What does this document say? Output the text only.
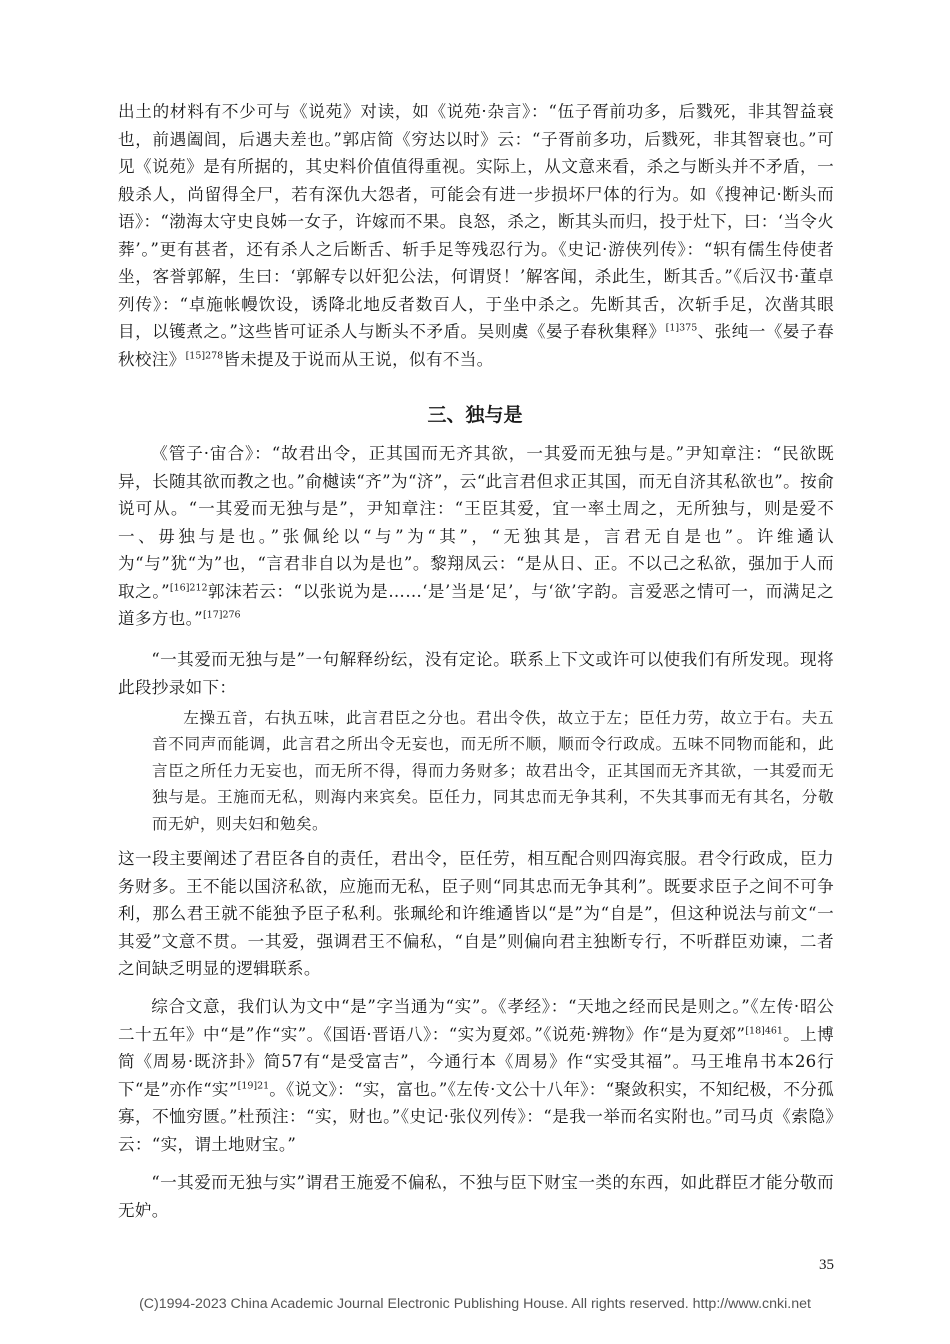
出土的材料有不少可与《说苑》对读，如《说苑·杂言》：“伍子胥前功多，后戮死，非其智益衰也，前遇阖闾，后遇夫差也。”郭店简《穷达以时》云：“子胥前多功，后戮死，非其智衰也。”可见《说苑》是有所据的，其史料价值值得重视。实际上，从文意来看，杀之与断头并不矛盾，一般杀人，尚留得全尸，若有深仇大怨者，可能会有进一步损坏尸体的行为。如《搜神记·断头而语》：“渤海太守史良姊一女子，许嫁而不果。良怒，杀之，断其头而归，投于灶下，曰：‘当令火葬’。”更有甚者，还有杀人之后断舌、斩手足等残忍行为。《史记·游侠列传》：“轵有儒生侍使者坐，客誉郭解，生曰：‘郭解专以奸犯公法，何谓贤！’解客闻，杀此生，断其舌。”《后汉书·董卓列传》：“卓施帐幔饮设，诱降北地反者数百人，于坐中杀之。先断其舌，次斩手足，次凿其眼目，以镬煮之。”这些皆可证杀人与断头不矛盾。吴则虞《晏子春秋集释》$^{[1]375}$、张纯一《晏子春秋校注》$^{[15]278}$皆未提及于说而从王说，似有不当。

三、独与是

《管子·宙合》：“故君出令，正其国而无齐其欲，一其爱而无独与是。”尹知章注：“民欲既异，长随其欲而教之也。”俞樾读“齐”为“济”，云“此言君但求正其国，而无自济其私欲也”。按俞说可从。“一其爱而无独与是”，尹知章注：“王臣其爱，宜一率土周之，无所独与，则是爱不一、毋独与是也。”张佩纶以“与”为“其”，“无独其是，言君无自是也”。许维遹认为“与”犹“为”也，“言君非自以为是也”。黎翔凤云：“是从日、正。不以己之私欲，强加于人而取之。”$^{[16]212}$郭沫若云：“以张说为是……‘是’当是‘足’，与‘欲’字韵。言爱恶之情可一，而满足之道多方也。”$^{[17]276}$

“一其爱而无独与是”一句解释纷纭，没有定论。联系上下文或许可以使我们有所发现。现将此段抄录如下：

左操五音，右执五味，此言君臣之分也。君出令佚，故立于左；臣任力劳，故立于右。夫五音不同声而能调，此言君之所出令无妄也，而无所不顺，顺而令行政成。五味不同物而能和，此言臣之所任力无妄也，而无所不得，得而力务财多；故君出令，正其国而无齐其欲，一其爱而无独与是。王施而无私，则海内来宾矣。臣任力，同其忠而无争其利，不失其事而无有其名，分敬而无妒，则夫妇和勉矣。

这一段主要阐述了君臣各自的责任，君出令，臣任劳，相互配合则四海宾服。君令行政成，臣力务财多。王不能以国济私欲，应施而无私，臣子则“同其忠而无争其利”。既要求臣子之间不可争利，那么君王就不能独予臣子私利。张珮纶和许维遹皆以“是”为“自是”，但这种说法与前文“一其爱”文意不贯。一其爱，强调君王不偏私，“自是”则偏向君主独断专行，不听群臣劝谏，二者之间缺乏明显的逻辑联系。

综合文意，我们认为文中“是”字当通为“实”。《孝经》：“天地之经而民是则之。”《左传·昭公二十五年》中“是”作“实”。《国语·晋语八》：“实为夏郊。”《说苑·辨物》作“是为夏郊”$^{[18]461}$。上博简《周易·既济卦》简57有“是受富吉”，今通行本《周易》作“实受其福”。马王堆帛书本26行下“是”亦作“实”$^{[19]21}$。《说文》：“实，富也。”《左传·文公十八年》：“聚敛积实，不知纪极，不分孤寡，不恤穷匮。”杜预注：“实，财也。”《史记·张仪列传》：“是我一举而名实附也。”司马贞《索隐》云：“实，谓土地财宝。”

“一其爱而无独与实”谓君王施爱不偏私，不独与臣下财宝一类的东西，如此群臣才能分敬而无妒。

35
(C)1994-2023 China Academic Journal Electronic Publishing House. All rights reserved. http://www.cnki.net
